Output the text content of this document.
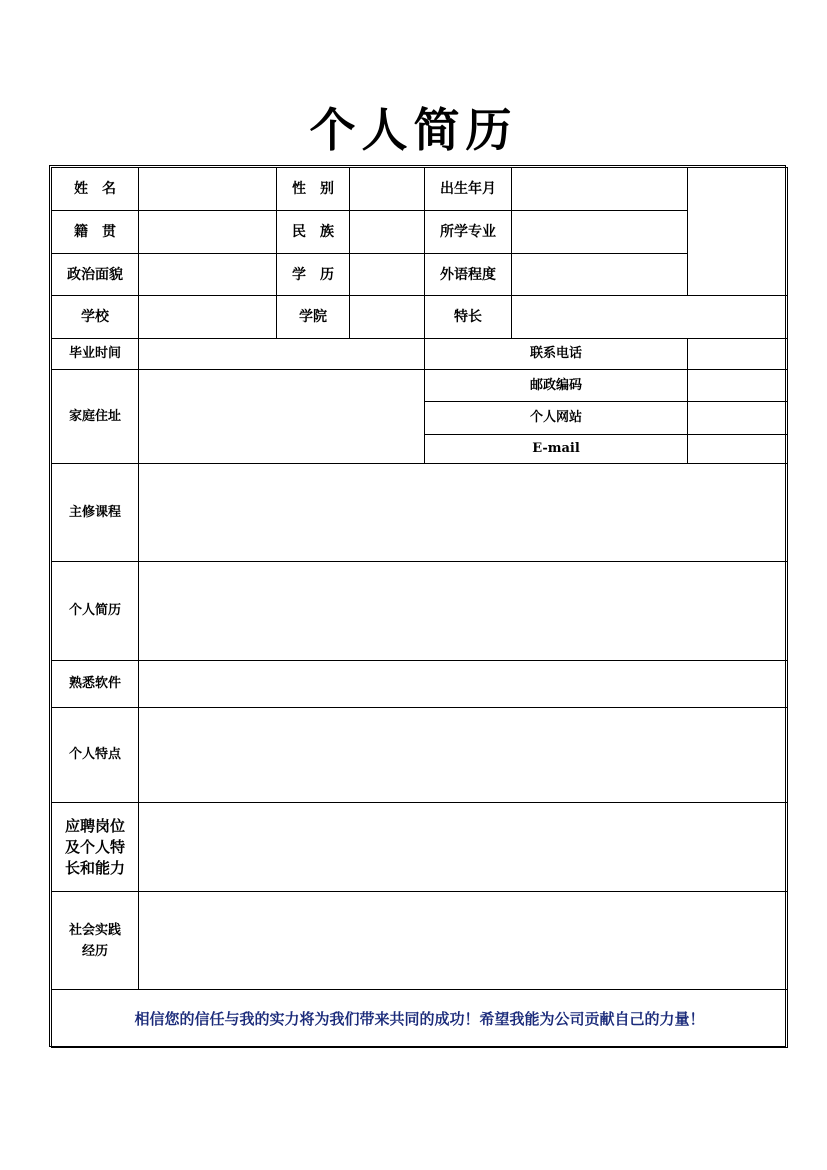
个人简历
姓　名		性　别		出生年月		
籍　贯		民　族		所学专业		
政治面貌		学　历		外语程度		
学校		学院		特长		
毕业时间				联系电话		
家庭住址				邮政编码		
				个人网站		
				E-mail		
主修课程						
个人简历						
熟悉软件						
个人特点						

应聘岗位
及个人特
长和能力						

社会实践
经历						

相信您的信任与我的实力将为我们带来共同的成功！希望我能为公司贡献自己的力量！						
